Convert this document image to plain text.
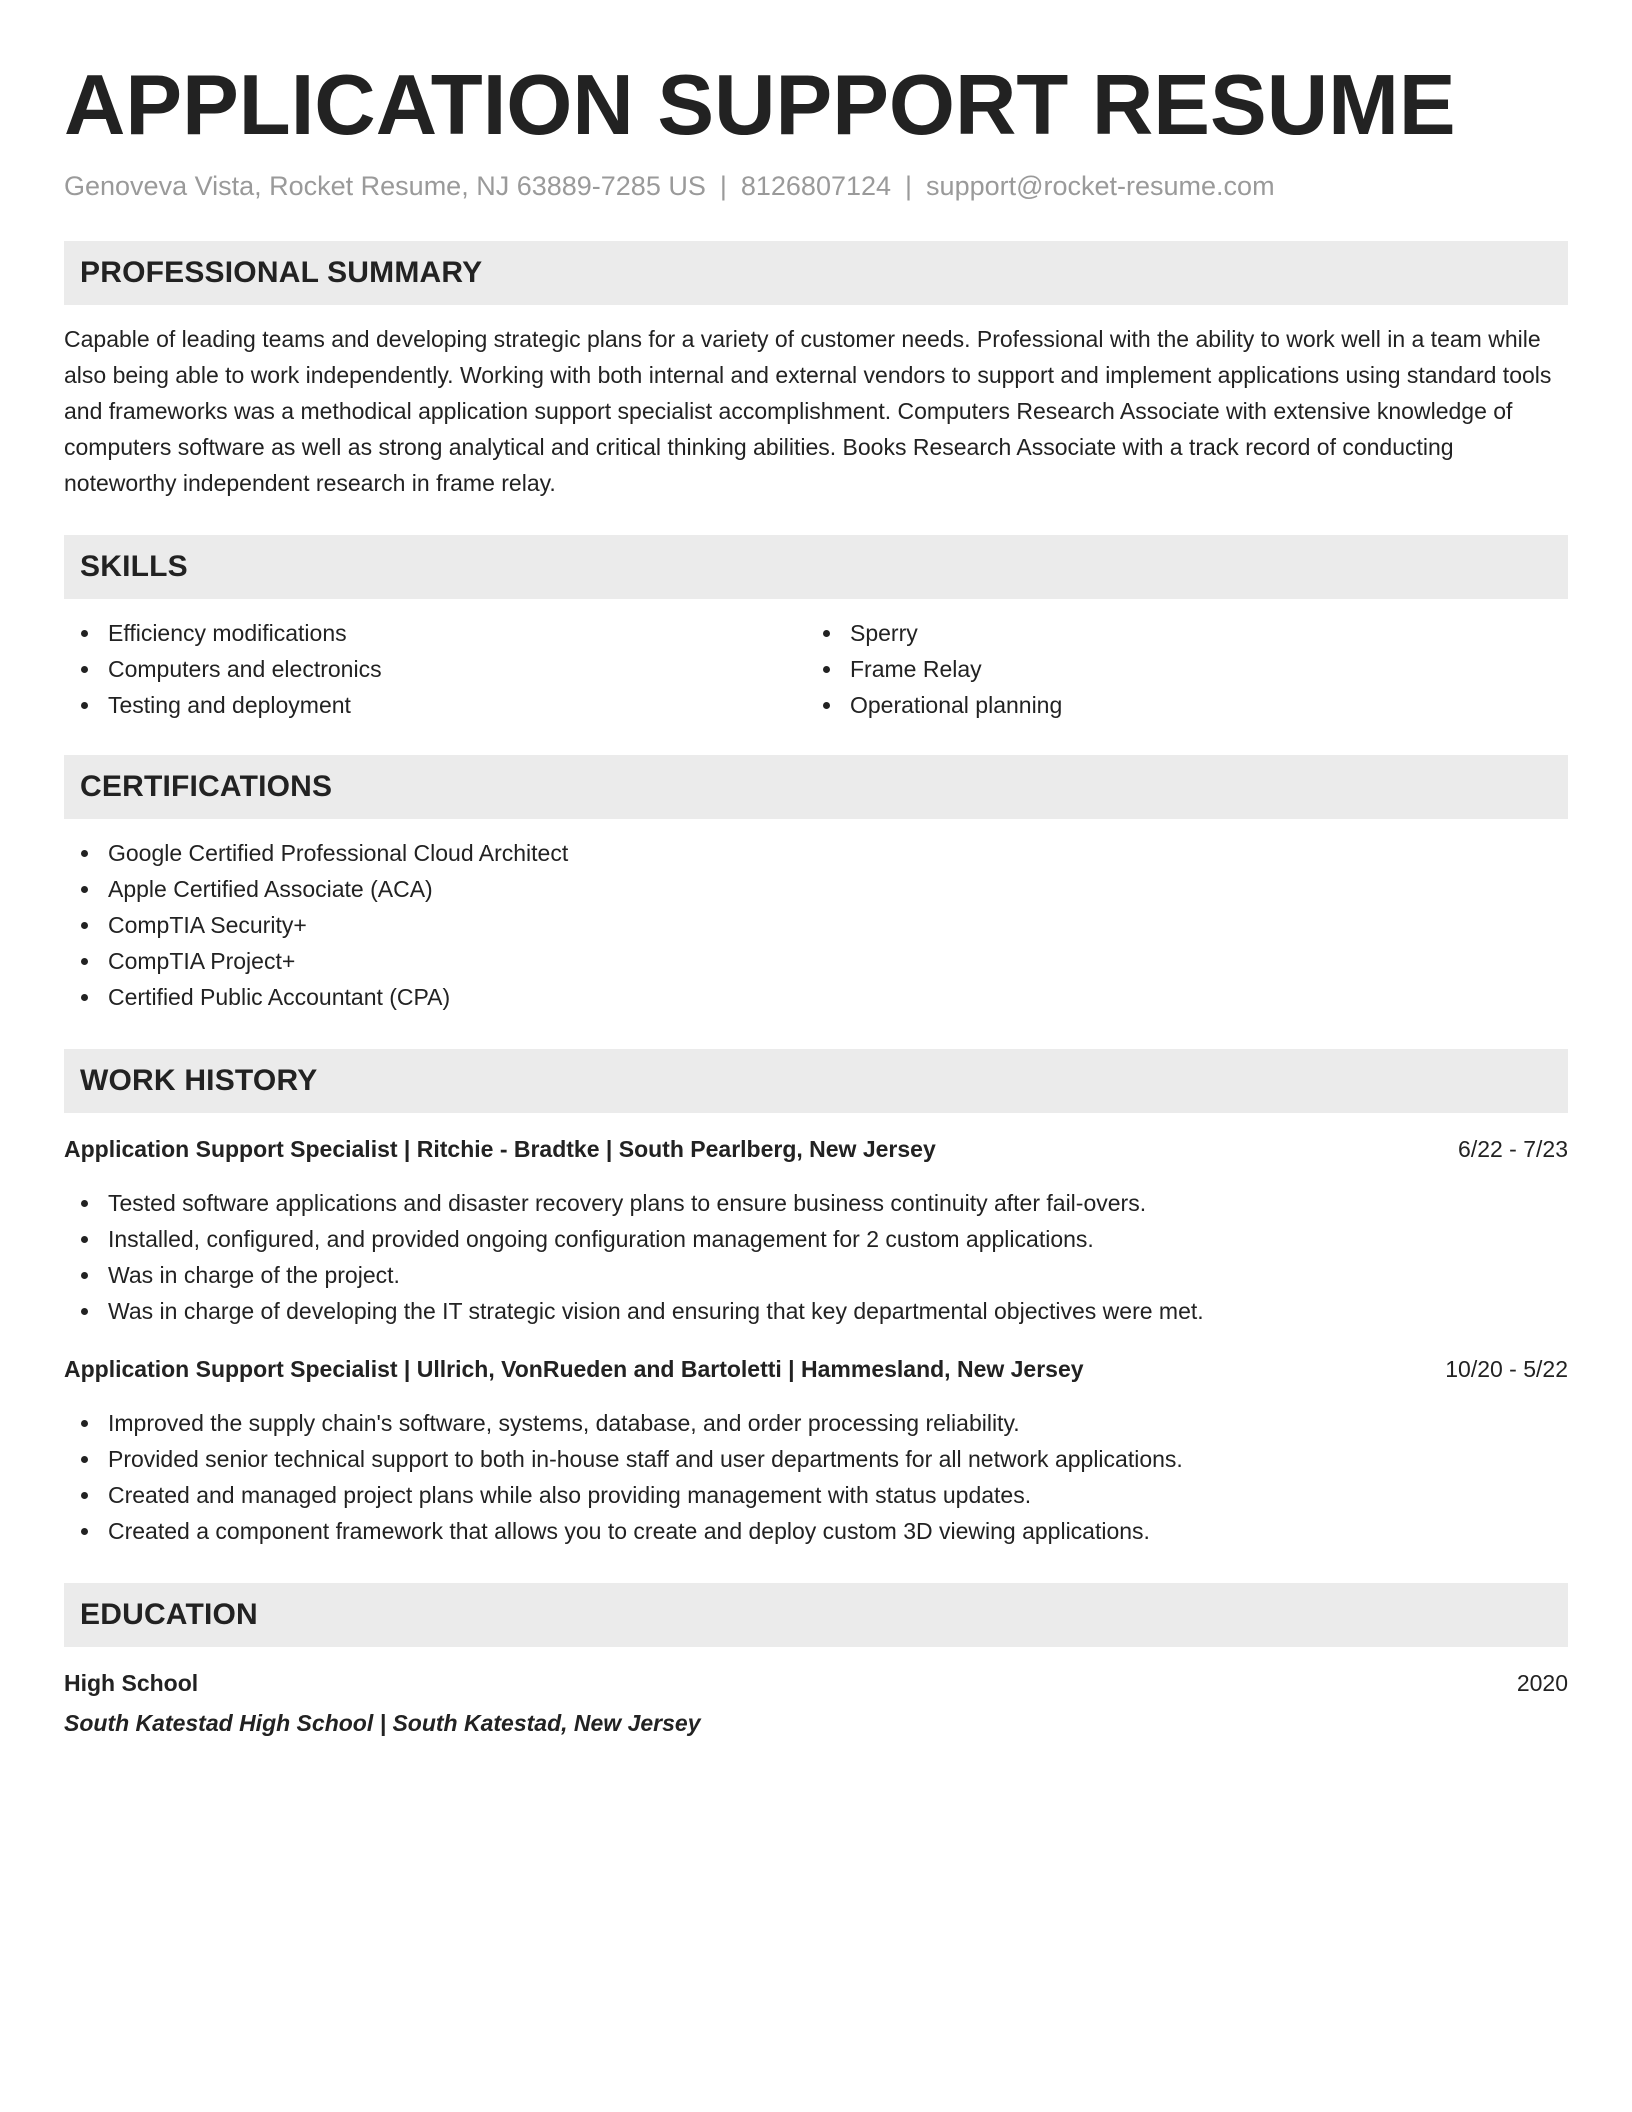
APPLICATION SUPPORT RESUME
Genoveva Vista, Rocket Resume, NJ 63889-7285 US | 8126807124 | support@rocket-resume.com
PROFESSIONAL SUMMARY

Capable of leading teams and developing strategic plans for a variety of customer needs. Professional with the ability to work well in a team while also being able to work independently. Working with both internal and external vendors to support and implement applications using standard tools and frameworks was a methodical application support specialist accomplishment. Computers Research Associate with extensive knowledge of computers software as well as strong analytical and critical thinking abilities. Books Research Associate with a track record of conducting noteworthy independent research in frame relay.

SKILLS
Efficiency modifications
Computers and electronics
Testing and deployment
Sperry
Frame Relay
Operational planning
CERTIFICATIONS
Google Certified Professional Cloud Architect
Apple Certified Associate (ACA)
CompTIA Security+
CompTIA Project+
Certified Public Accountant (CPA)
WORK HISTORY
Application Support Specialist | Ritchie - Bradtke | South Pearlberg, New Jersey	6/22 - 7/23
Tested software applications and disaster recovery plans to ensure business continuity after fail-overs.
Installed, configured, and provided ongoing configuration management for 2 custom applications.
Was in charge of the project.
Was in charge of developing the IT strategic vision and ensuring that key departmental objectives were met.
Application Support Specialist | Ullrich, VonRueden and Bartoletti | Hammesland, New Jersey	10/20 - 5/22
Improved the supply chain's software, systems, database, and order processing reliability.
Provided senior technical support to both in-house staff and user departments for all network applications.
Created and managed project plans while also providing management with status updates.
Created a component framework that allows you to create and deploy custom 3D viewing applications.
EDUCATION
High School	2020
South Katestad High School | South Katestad, New Jersey
